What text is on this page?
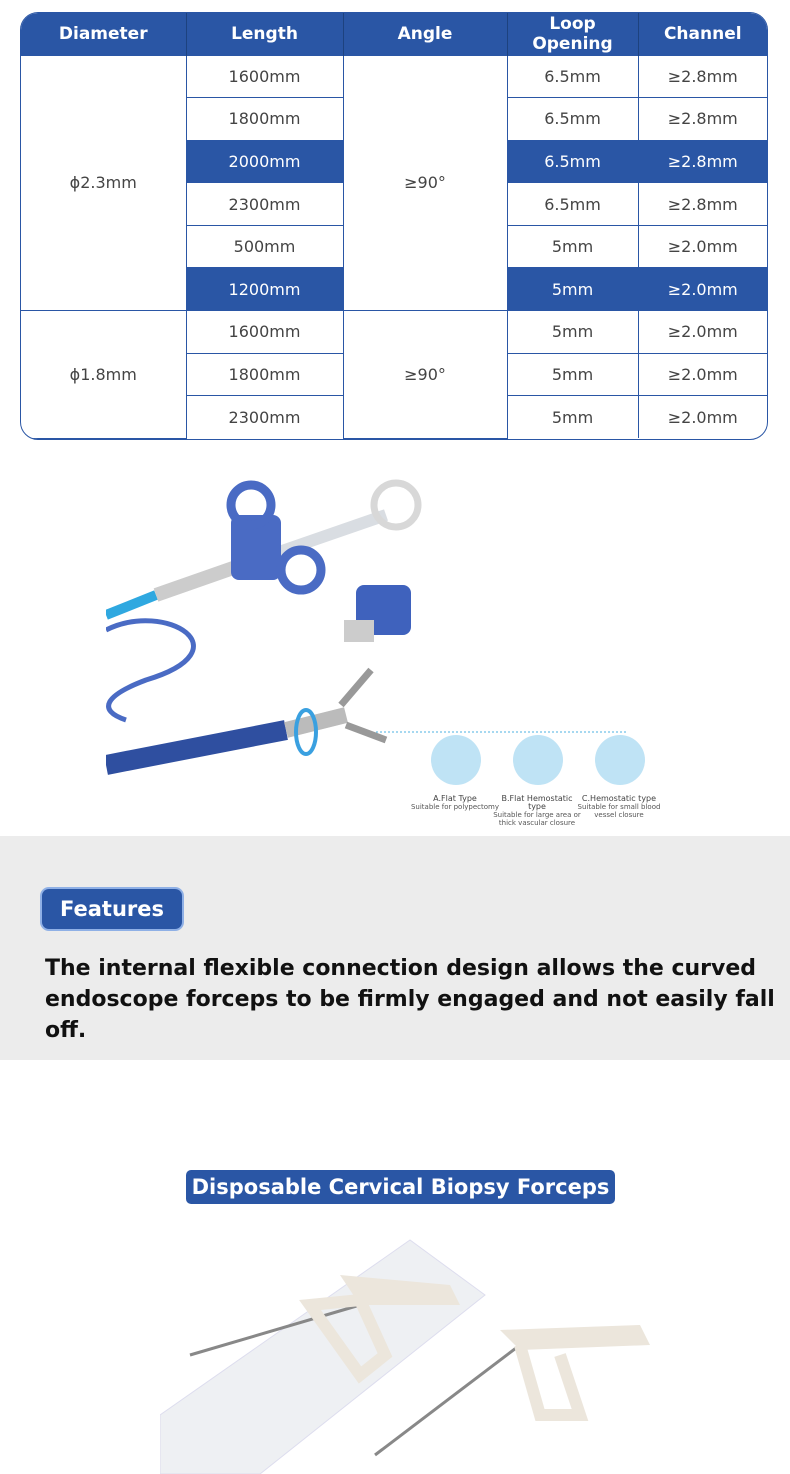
Diameter	Length	Angle	Loop Opening	Channel
ϕ2.3mm	1600mm	≥90°	6.5mm	≥2.8mm
	1800mm		6.5mm	≥2.8mm
	2000mm		6.5mm	≥2.8mm
	2300mm		6.5mm	≥2.8mm
	500mm		5mm	≥2.0mm
	1200mm		5mm	≥2.0mm
ϕ1.8mm	1600mm	≥90°	5mm	≥2.0mm
	1800mm		5mm	≥2.0mm
	2300mm		5mm	≥2.0mm
A.Flat Type
Suitable for polypectomy
B.Flat Hemostatic type
Suitable for large area or thick vascular closure
C.Hemostatic type
Suitable for small blood vessel closure
Features
The internal flexible connection design allows the curved endoscope forceps to be firmly engaged and not easily fall off.
Disposable Cervical Biopsy Forceps
